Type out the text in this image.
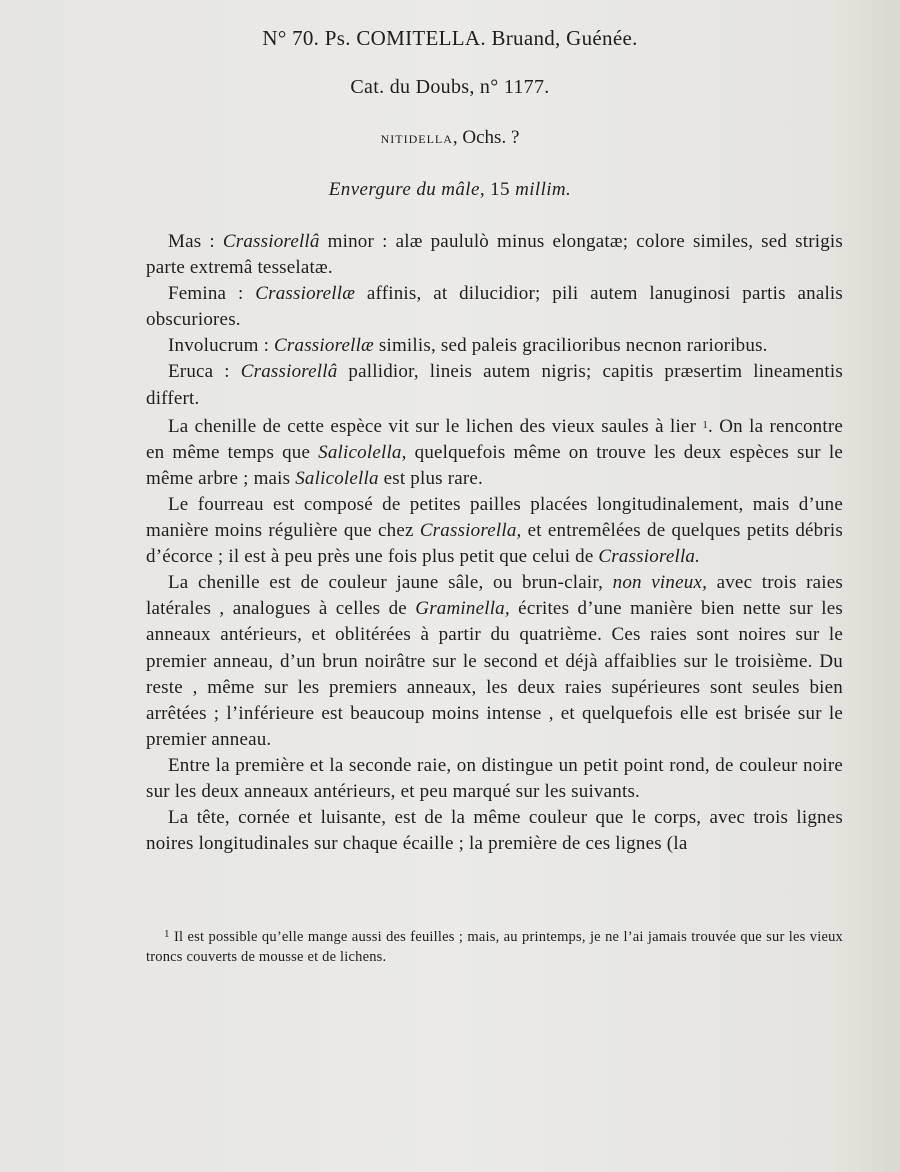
N° 70. Ps. COMITELLA. Bruand, Guénée.
Cat. du Doubs, n° 1177.
NITIDELLA, Ochs. ?
Envergure du mâle, 15 millim.

Mas : Crassiorellâ minor : alæ paululò minus elongatæ; colore similes, sed strigis parte extremâ tesselatæ.

Femina : Crassiorellæ affinis, at dilucidior; pili autem lanuginosi partis analis obscuriores.

Involucrum : Crassiorellæ similis, sed paleis gracilioribus necnon rarioribus.

Eruca : Crassiorellâ pallidior, lineis autem nigris; capitis præsertim lineamentis differt.

La chenille de cette espèce vit sur le lichen des vieux saules à lier $^1$. On la rencontre en même temps que Salicolella, quelquefois même on trouve les deux espèces sur le même arbre ; mais Salicolella est plus rare.

Le fourreau est composé de petites pailles placées longitudinalement, mais d’une manière moins régulière que chez Crassiorella, et entremêlées de quelques petits débris d’écorce ; il est à peu près une fois plus petit que celui de Crassiorella.

La chenille est de couleur jaune sâle, ou brun-clair, non vineux, avec trois raies latérales , analogues à celles de Graminella, écrites d’une manière bien nette sur les anneaux antérieurs, et oblitérées à partir du quatrième. Ces raies sont noires sur le premier anneau, d’un brun noirâtre sur le second et déjà affaiblies sur le troisième. Du reste , même sur les premiers anneaux, les deux raies supérieures sont seules bien arrêtées ; l’inférieure est beaucoup moins intense , et quelquefois elle est brisée sur le premier anneau.

Entre la première et la seconde raie, on distingue un petit point rond, de couleur noire sur les deux anneaux antérieurs, et peu marqué sur les suivants.

La tête, cornée et luisante, est de la même couleur que le corps, avec trois lignes noires longitudinales sur chaque écaille ; la première de ces lignes (la

$^1$ Il est possible qu’elle mange aussi des feuilles ; mais, au printemps, je ne l’ai jamais trouvée que sur les vieux troncs couverts de mousse et de lichens.
